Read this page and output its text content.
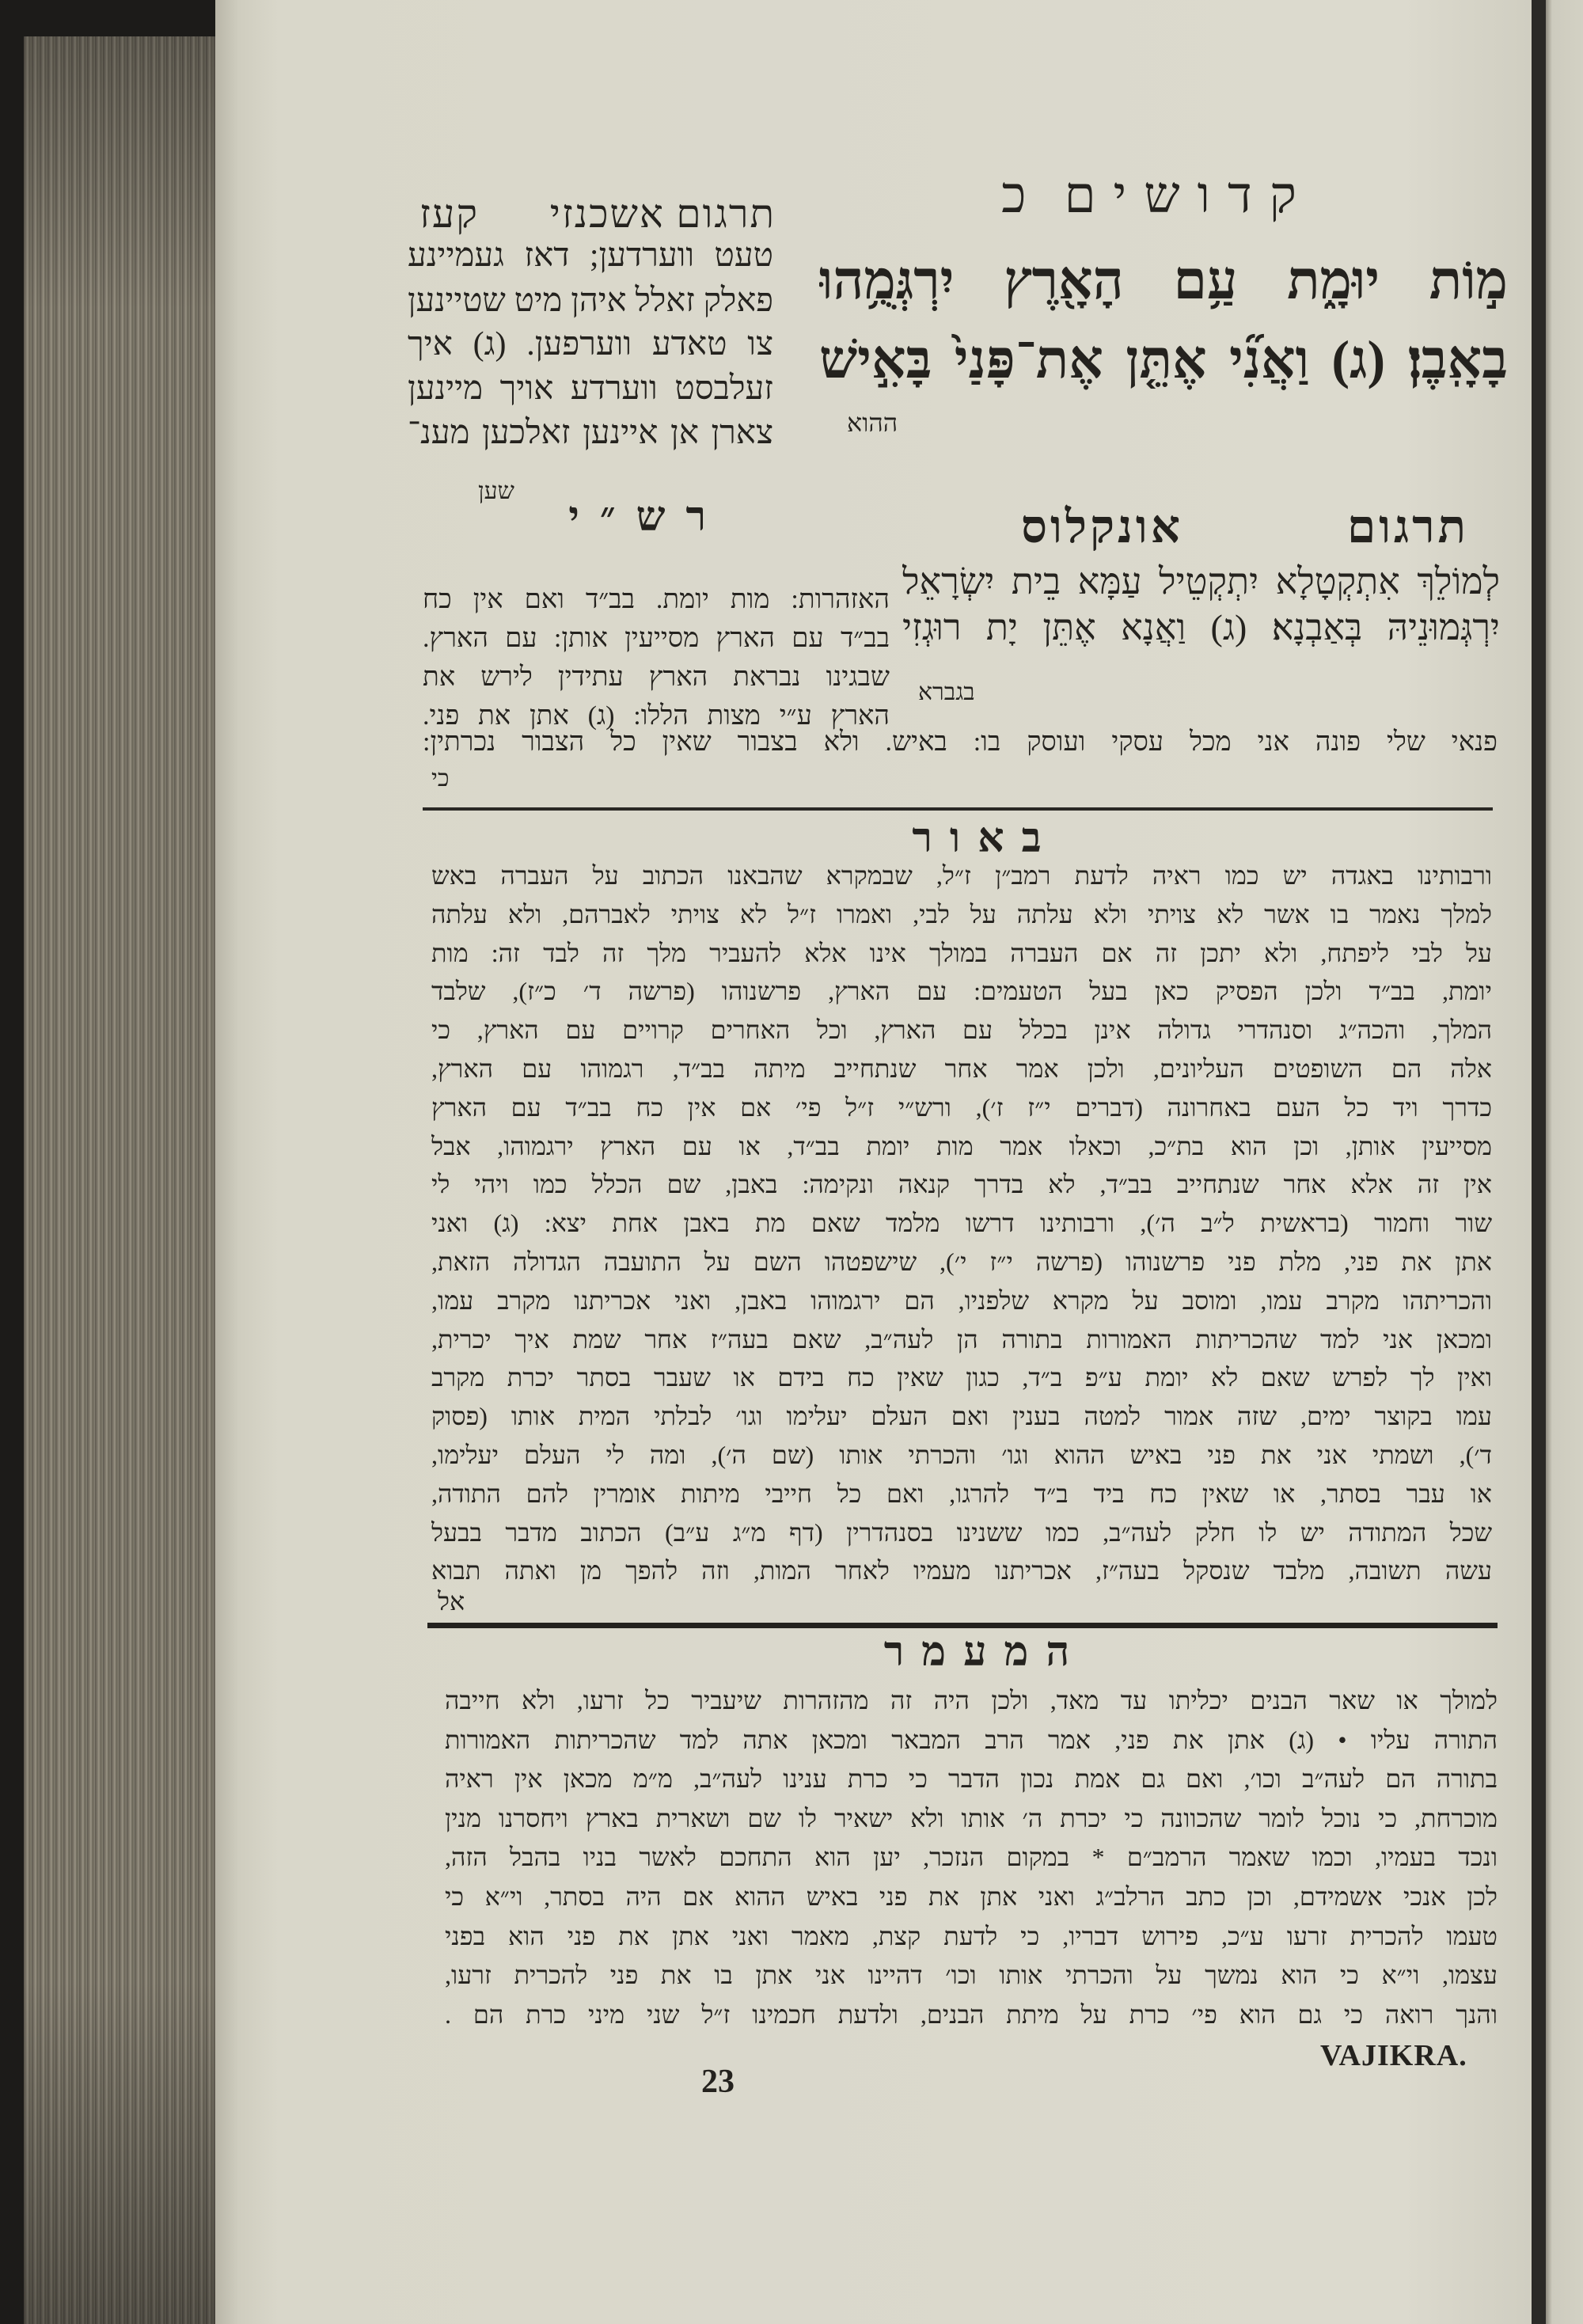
קדושיםכ
תרגום אשכנזי
קעז
מ֣וֹת יוּמָ֑ת עַ֥ם הָאָ֖רֶץ יִרְגְּמֻ֥הוּ
בָאָֽבֶן׃ (ג) וַאֲנִ֞י אֶתֵּ֤ן אֶת־פָּנַי֙ בָּאִ֣ישׁ
ההוא
טעט ווערדען; דאז געמיינע
פאלק זאלל איהן מיט שטיינען
צו טאדע ווערפען. (ג) איך
זעלבסט ווערדע אויך מיינען
צארן אן איינען זאלכען מענ־
שען
תרגום אונקלוס
רש״י
לְמוֹלֵךְ אִתְקְטָלָא יִתְקְטֵיל עַמָּא בֵית יִשְׂרָאֵל
יִרְגְּמוּנֵיהּ בְּאַבְנָא׃ (ג) וַאֲנָא אֶתֵּן יָת רוּגְזִי
בגברא
האזהרות: מות יומת. בב״ד ואם אין כח
בב״ד עם הארץ מסייעין אותן: עם הארץ.
שבגינו נבראת הארץ עתידין לירש את
הארץ ע״י מצות הללו: (ג) אתן את פני.
פנאי שלי פונה אני מכל עסקי ועוסק בו: באיש. ולא בצבור שאין כל הצבור נכרתין:
כי
באור
ורבותינו באגדה יש כמו ראיה לדעת רמב״ן ז״ל, שבמקרא שהבאנו הכתוב על העברה באש
למלך נאמר בו אשר לא צויתי ולא עלתה על לבי, ואמרו ז״ל לא צויתי לאברהם, ולא עלתה
על לבי ליפתח, ולא יתכן זה אם העברה במולך אינו אלא להעביר מלך זה לבד זה: מות
יומת, בב״ד ולכן הפסיק כאן בעל הטעמים: עם הארץ, פרשנוהו (פרשה ד׳ כ״ז), שלבד
המלך, והכה״ג וסנהדרי גדולה אינן בכלל עם הארץ, וכל האחרים קרויים עם הארץ, כי
אלה הם השופטים העליונים, ולכן אמר אחר שנתחייב מיתה בב״ד, רגמוהו עם הארץ,
כדרך ויד כל העם באחרונה (דברים י״ז ז׳), ורש״י ז״ל פי׳ אם אין כח בב״ד עם הארץ
מסייעין אותן, וכן הוא בת״כ, וכאלו אמר מות יומת בב״ד, או עם הארץ ירגמוהו, אבל
אין זה אלא אחר שנתחייב בב״ד, לא בדרך קנאה ונקימה: באבן, שם הכלל כמו ויהי לי
שור וחמור (בראשית ל״ב ה׳), ורבותינו דרשו מלמד שאם מת באבן אחת יצא: (ג) ואני
אתן את פני, מלת פני פרשנוהו (פרשה י״ז י׳), שישפטהו השם על התועבה הגדולה הזאת,
והכריתהו מקרב עמו, ומוסב על מקרא שלפניו, הם ירגמוהו באבן, ואני אכריתנו מקרב עמו,
ומכאן אני למד שהכריתות האמורות בתורה הן לעה״ב, שאם בעה״ז אחר שמת איך יכרית,
ואין לך לפרש שאם לא יומת ע״פ ב״ד, כגון שאין כח בידם או שעבר בסתר יכרת מקרב
עמו בקוצר ימים, שזה אמור למטה בענין ואם העלם יעלימו וגו׳ לבלתי המית אותו (פסוק
ד׳), ושמתי אני את פני באיש ההוא וגו׳ והכרתי אותו (שם ה׳), ומה לי העלם יעלימו,
או עבר בסתר, או שאין כח ביד ב״ד להרגו, ואם כל חייבי מיתות אומרין להם התודה,
שכל המתודה יש לו חלק לעה״ב, כמו ששנינו בסנהדרין (דף מ״ג ע״ב) הכתוב מדבר בבעל
עשה תשובה, מלבד שנסקל בעה״ז, אכריתנו מעמיו לאחר המות, וזה להפך מן ואתה תבוא
אל
המעמר
למולך או שאר הבנים יכליתו עד מאד, ולכן היה זה מהזהרות שיעביר כל זרעו, ולא חייבה
התורה עליו • (ג) אתן את פני, אמר הרב המבאר ומכאן אתה למד שהכריתות האמורות
בתורה הם לעה״ב וכו׳, ואם גם אמת נכון הדבר כי כרת ענינו לעה״ב, מ״מ מכאן אין ראיה
מוכרחת, כי נוכל לומר שהכוונה כי יכרת ה׳ אותו ולא ישאיר לו שם ושארית בארץ ויחסרנו מנין
ונכד בעמיו, וכמו שאמר הרמב״ם * במקום הנזכר, יען הוא התחכם לאשר בניו בהבל הזה,
לכן אנכי אשמידם, וכן כתב הרלב״ג ואני אתן את פני באיש ההוא אם היה בסתר, וי״א כי
טעמו להכרית זרעו ע״כ, פירוש דבריו, כי לדעת קצת, מאמר ואני אתן את פני הוא בפני
עצמו, וי״א כי הוא נמשך על והכרתי אותו וכו׳ דהיינו אני אתן בו את פני להכרית זרעו,
והנך רואה כי גם הוא פי׳ כרת על מיתת הבנים, ולדעת חכמינו ז״ל שני מיני כרת הם .
23
VAJIKRA.
